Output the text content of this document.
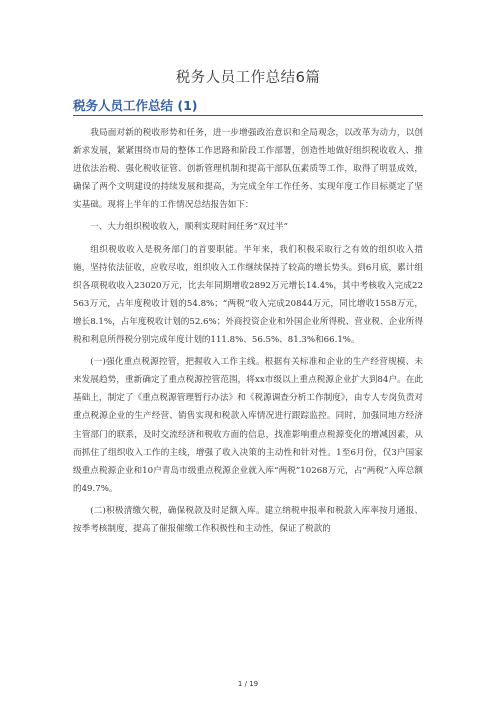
税务人员工作总结6篇
税务人员工作总结 (1)

我局面对新的税收形势和任务，进一步增强政治意识和全局观念，以改革为动力，以创新求发展，紧紧围绕市局的整体工作思路和阶段工作部署，创造性地做好组织税收收入、推进依法治税、强化税收征管、创新管理机制和提高干部队伍素质等工作，取得了明显成效，确保了两个文明建设的持续发展和提高，为完成全年工作任务、实现年度工作目标奠定了坚实基础。现将上半年的工作情况总结报告如下：

一、大力组织税收收入，顺利实现时间任务“双过半”

组织税收收入是税务部门的首要职能。半年来，我们积极采取行之有效的组织收入措施，坚持依法征收，应收尽收，组织收入工作继续保持了较高的增长势头。到6月底，累计组织各项税收收入23020万元，比去年同期增收2892万元增长14.4%，其中考核收入完成22563万元，占年度税收计划的54.8%；“两税”收入完成20844万元，同比增收1558万元，增长8.1%，占年度税收计划的52.6%；外商投资企业和外国企业所得税、营业税、企业所得税和利息所得税分别完成年度计划的111.8%、56.5%、81.3%和66.1%。

(一)强化重点税源控管，把握收入工作主线。根据有关标准和企业的生产经营规模、未来发展趋势，重新确定了重点税源控管范围，将xx市级以上重点税源企业扩大到84户。在此基础上，制定了《重点税源管理暂行办法》和《税源调查分析工作制度》，由专人专岗负责对重点税源企业的生产经营、销售实现和税款入库情况进行跟踪监控。同时，加强同地方经济主管部门的联系，及时交流经济和税收方面的信息，找准影响重点税源变化的增减因素，从而抓住了组织收入工作的主线，增强了收入决策的主动性和针对性。1至6月份，仅3户国家级重点税源企业和10户青岛市级重点税源企业就入库“两税”10268万元，占“两税”入库总额的49.7%。

(二)积极清缴欠税，确保税款及时足额入库。建立纳税申报率和税款入库率按月通报、按季考核制度，提高了催报催缴工作积极性和主动性，保证了税款的

1 / 19
